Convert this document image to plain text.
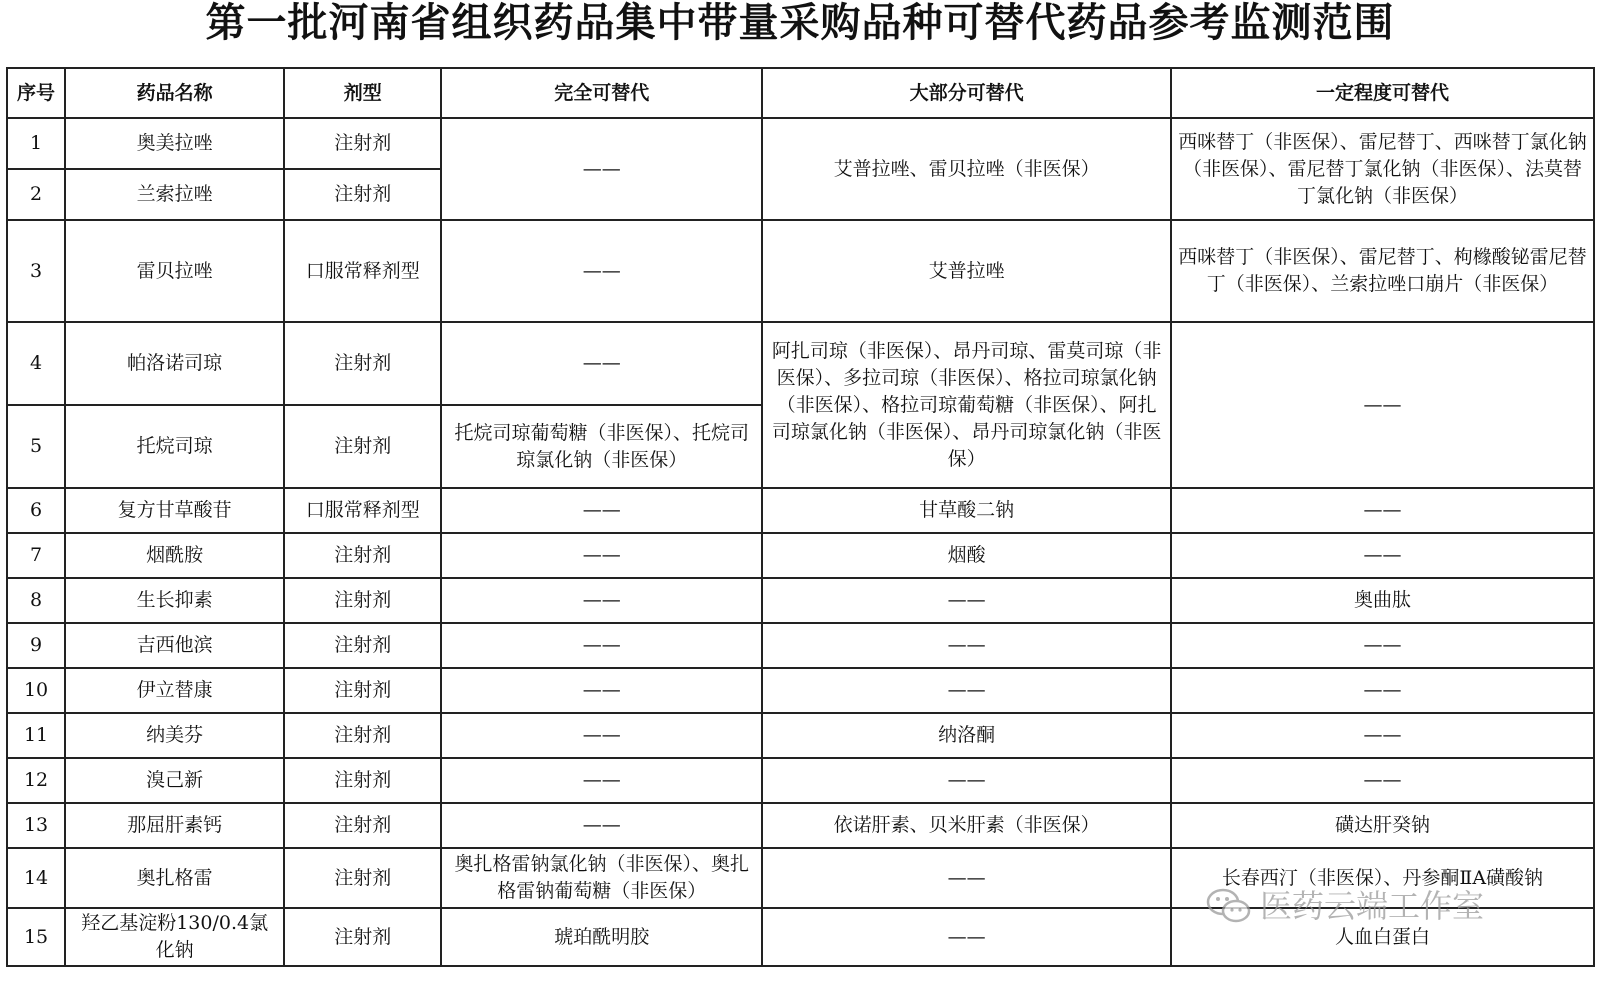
第一批河南省组织药品集中带量采购品种可替代药品参考监测范围
序号	药品名称	剂型	完全可替代	大部分可替代	一定程度可替代
1	奥美拉唑	注射剂	——	艾普拉唑、雷贝拉唑（非医保）	西咪替丁（非医保）、雷尼替丁、西咪替丁氯化钠（非医保）、雷尼替丁氯化钠（非医保）、法莫替丁氯化钠（非医保）
2	兰索拉唑	注射剂			
3	雷贝拉唑	口服常释剂型	——	艾普拉唑	西咪替丁（非医保）、雷尼替丁、枸橼酸铋雷尼替丁（非医保）、兰索拉唑口崩片（非医保）
4	帕洛诺司琼	注射剂	——	阿扎司琼（非医保）、昂丹司琼、雷莫司琼（非医保）、多拉司琼（非医保）、格拉司琼氯化钠（非医保）、格拉司琼葡萄糖（非医保）、阿扎司琼氯化钠（非医保）、昂丹司琼氯化钠（非医保）	——
5	托烷司琼	注射剂	托烷司琼葡萄糖（非医保）、托烷司琼氯化钠（非医保）		
6	复方甘草酸苷	口服常释剂型	——	甘草酸二钠	——
7	烟酰胺	注射剂	——	烟酸	——
8	生长抑素	注射剂	——	——	奥曲肽
9	吉西他滨	注射剂	——	——	——
10	伊立替康	注射剂	——	——	——
11	纳美芬	注射剂	——	纳洛酮	——
12	溴己新	注射剂	——	——	——
13	那屈肝素钙	注射剂	——	依诺肝素、贝米肝素（非医保）	磺达肝癸钠
14	奥扎格雷	注射剂	奥扎格雷钠氯化钠（非医保）、奥扎格雷钠葡萄糖（非医保）	——	长春西汀（非医保）、丹参酮ⅡA磺酸钠
15	羟乙基淀粉130/0.4氯化钠	注射剂	琥珀酰明胶	——	人血白蛋白
医药云端工作室
